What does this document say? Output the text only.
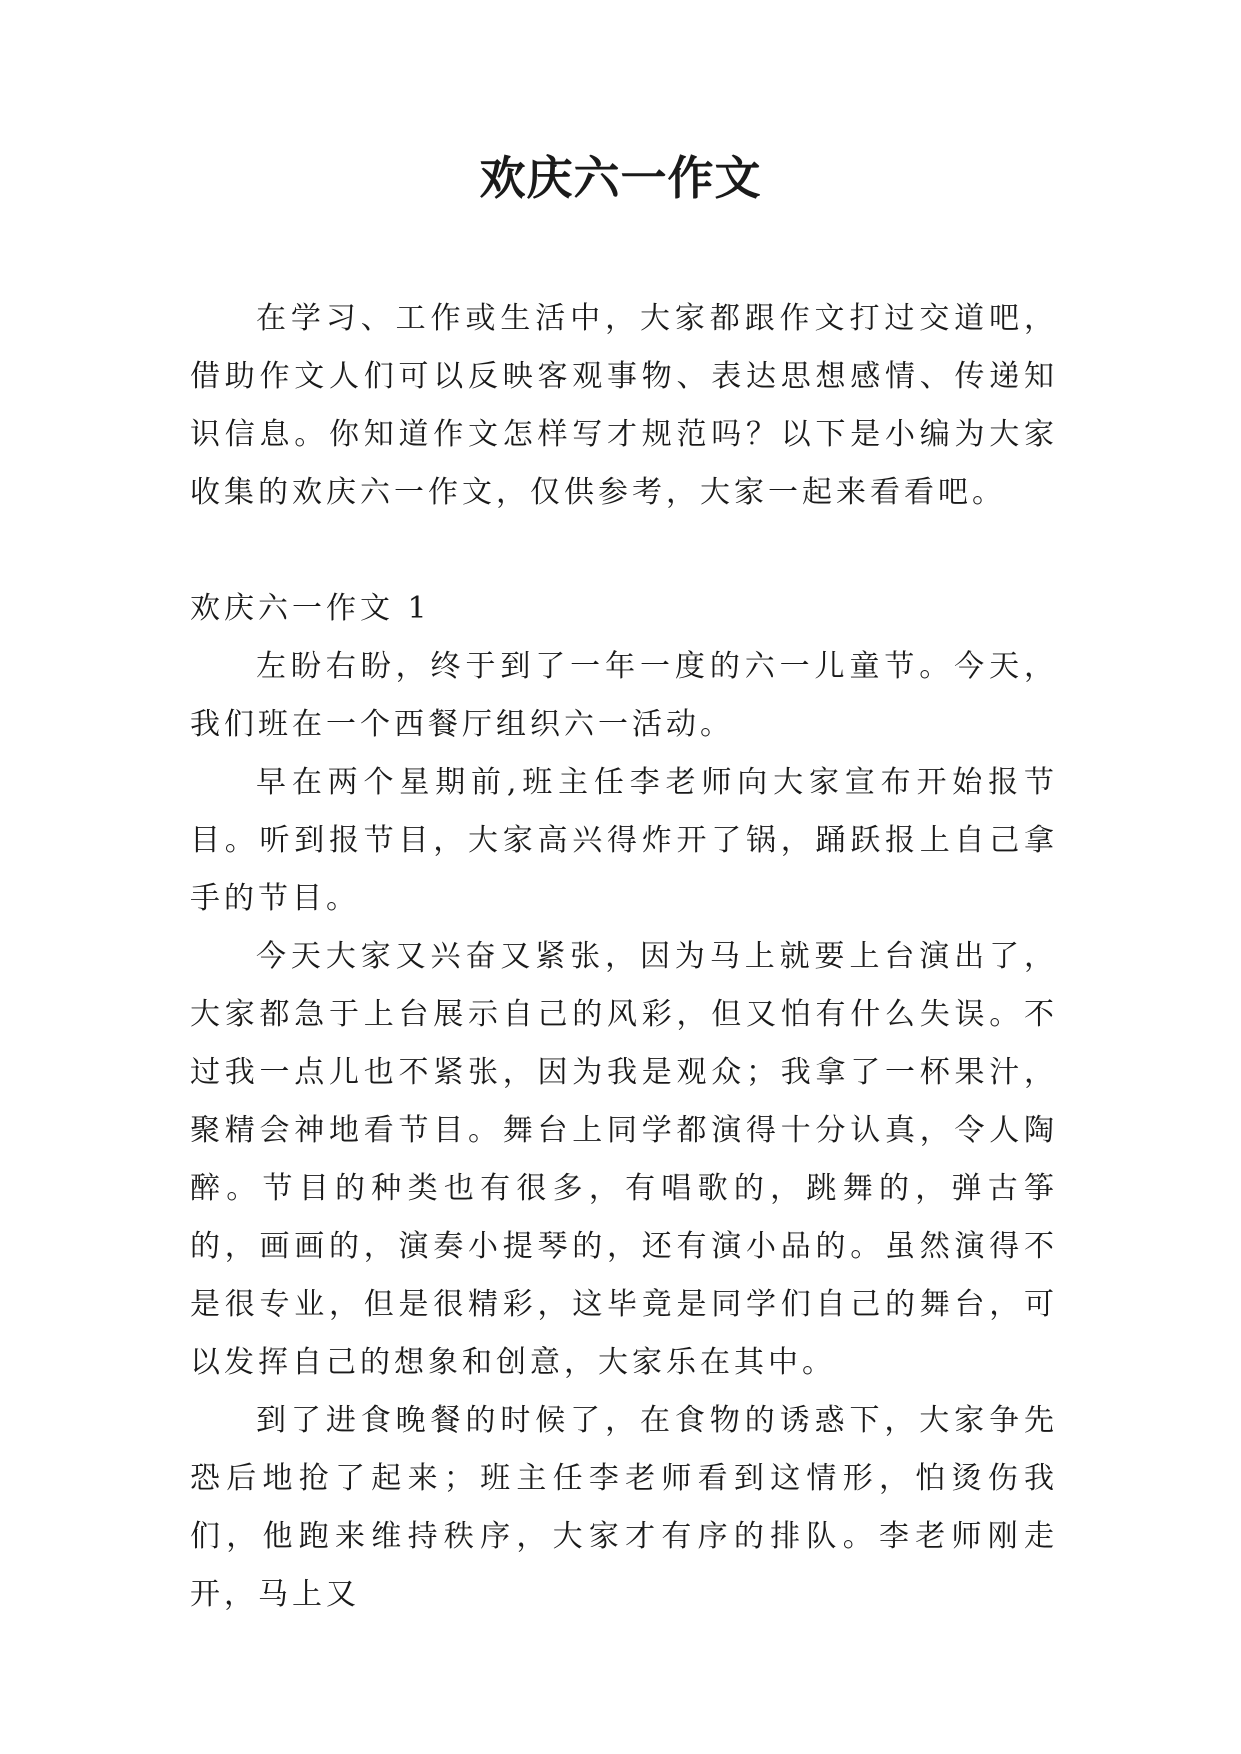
欢庆六一作文

在学习、工作或生活中，大家都跟作文打过交道吧，借助作文人们可以反映客观事物、表达思想感情、传递知识信息。你知道作文怎样写才规范吗？以下是小编为大家收集的欢庆六一作文，仅供参考，大家一起来看看吧。

欢庆六一作文 1

左盼右盼，终于到了一年一度的六一儿童节。今天，我们班在一个西餐厅组织六一活动。

早在两个星期前,班主任李老师向大家宣布开始报节目。听到报节目，大家高兴得炸开了锅，踊跃报上自己拿手的节目。

今天大家又兴奋又紧张，因为马上就要上台演出了，大家都急于上台展示自己的风彩，但又怕有什么失误。不过我一点儿也不紧张，因为我是观众；我拿了一杯果汁，聚精会神地看节目。舞台上同学都演得十分认真，令人陶醉。节目的种类也有很多，有唱歌的，跳舞的，弹古筝的，画画的，演奏小提琴的，还有演小品的。虽然演得不是很专业，但是很精彩，这毕竟是同学们自己的舞台，可以发挥自己的想象和创意，大家乐在其中。

到了进食晚餐的时候了，在食物的诱惑下，大家争先恐后地抢了起来；班主任李老师看到这情形，怕烫伤我们，他跑来维持秩序，大家才有序的排队。李老师刚走开，马上又
